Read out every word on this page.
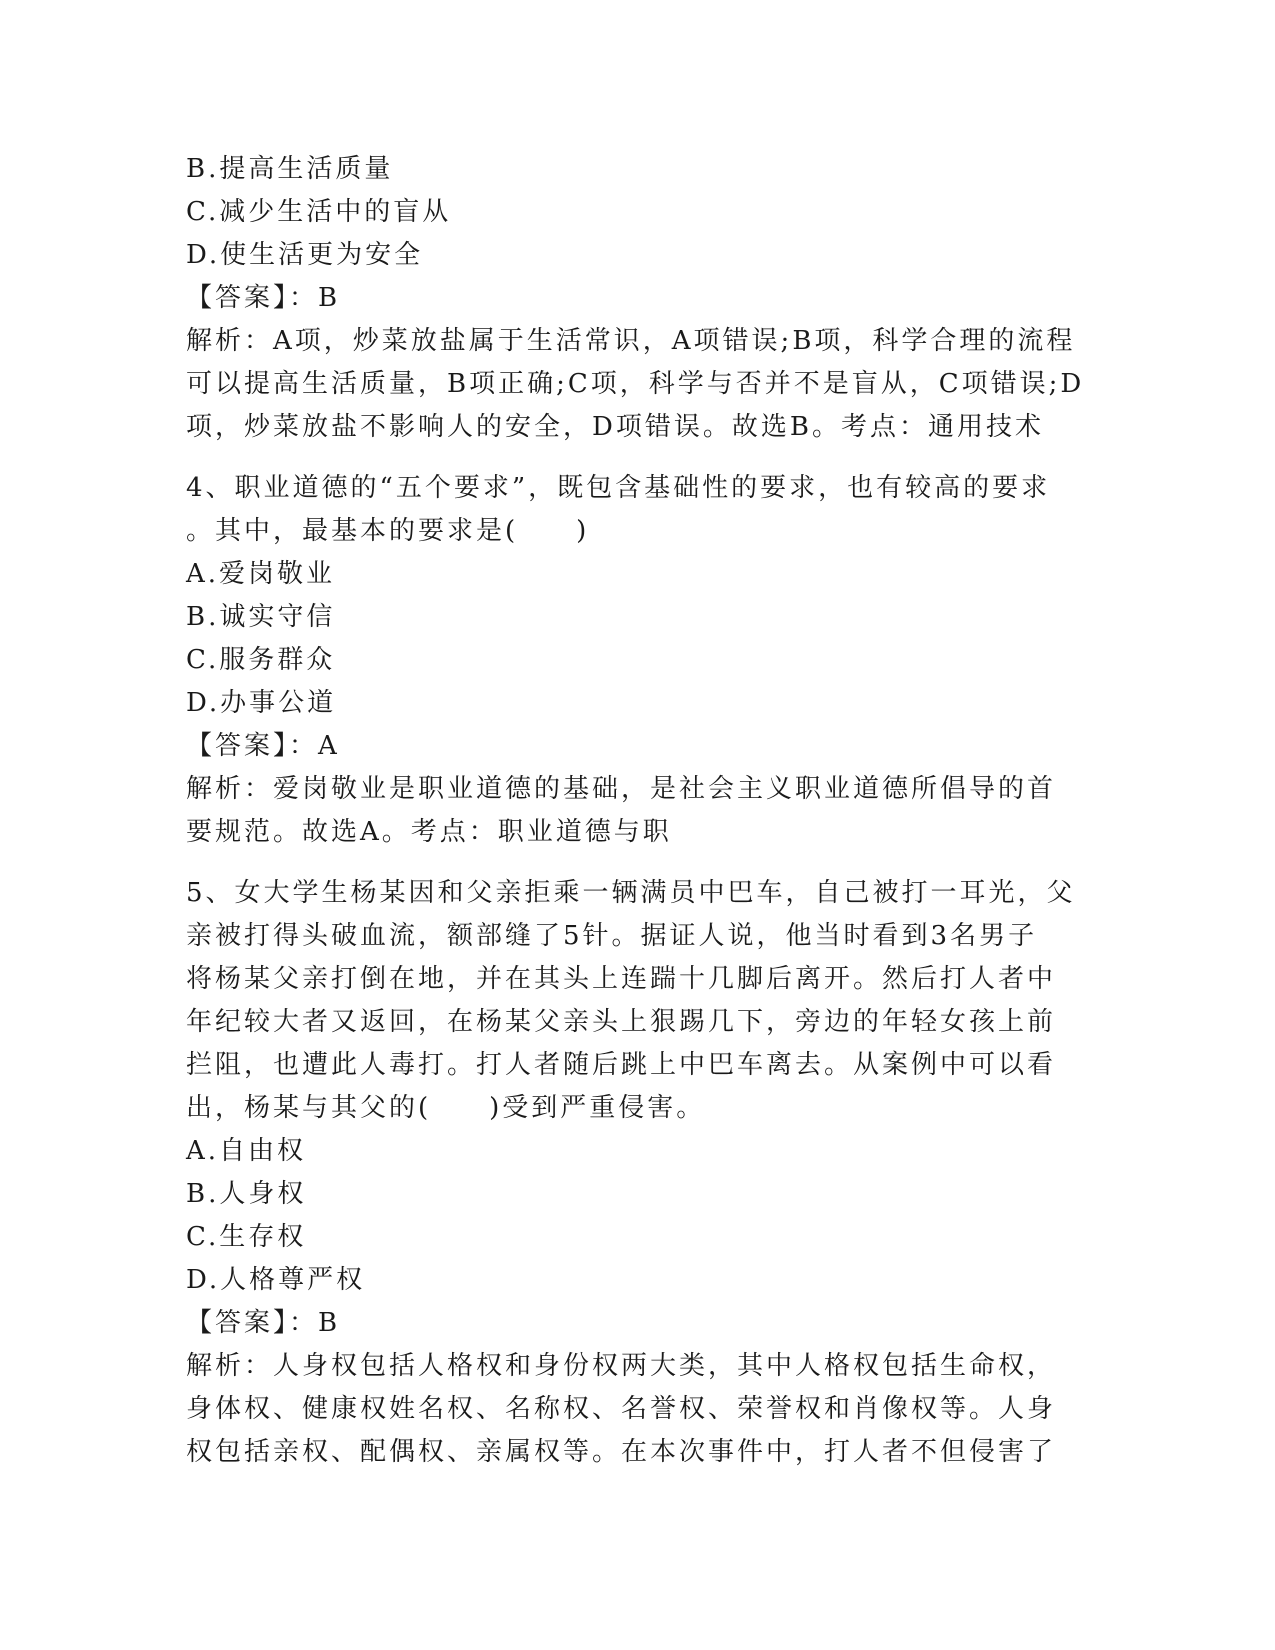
B.提高生活质量
C.减少生活中的盲从
D.使生活更为安全
【答案】：B
解析：A项，炒菜放盐属于生活常识，A项错误;B项，科学合理的流程
可以提高生活质量，B项正确;C项，科学与否并不是盲从，C项错误;D
项，炒菜放盐不影响人的安全，D项错误。故选B。考点：通用技术
4、职业道德的“五个要求”，既包含基础性的要求，也有较高的要求
。其中，最基本的要求是(　　)
A.爱岗敬业
B.诚实守信
C.服务群众
D.办事公道
【答案】：A
解析：爱岗敬业是职业道德的基础，是社会主义职业道德所倡导的首
要规范。故选A。考点：职业道德与职
5、女大学生杨某因和父亲拒乘一辆满员中巴车，自己被打一耳光，父
亲被打得头破血流，额部缝了5针。据证人说，他当时看到3名男子
将杨某父亲打倒在地，并在其头上连踹十几脚后离开。然后打人者中
年纪较大者又返回，在杨某父亲头上狠踢几下，旁边的年轻女孩上前
拦阻，也遭此人毒打。打人者随后跳上中巴车离去。从案例中可以看
出，杨某与其父的(　　)受到严重侵害。
A.自由权
B.人身权
C.生存权
D.人格尊严权
【答案】：B
解析：人身权包括人格权和身份权两大类，其中人格权包括生命权，
身体权、健康权姓名权、名称权、名誉权、荣誉权和肖像权等。人身
权包括亲权、配偶权、亲属权等。在本次事件中，打人者不但侵害了
